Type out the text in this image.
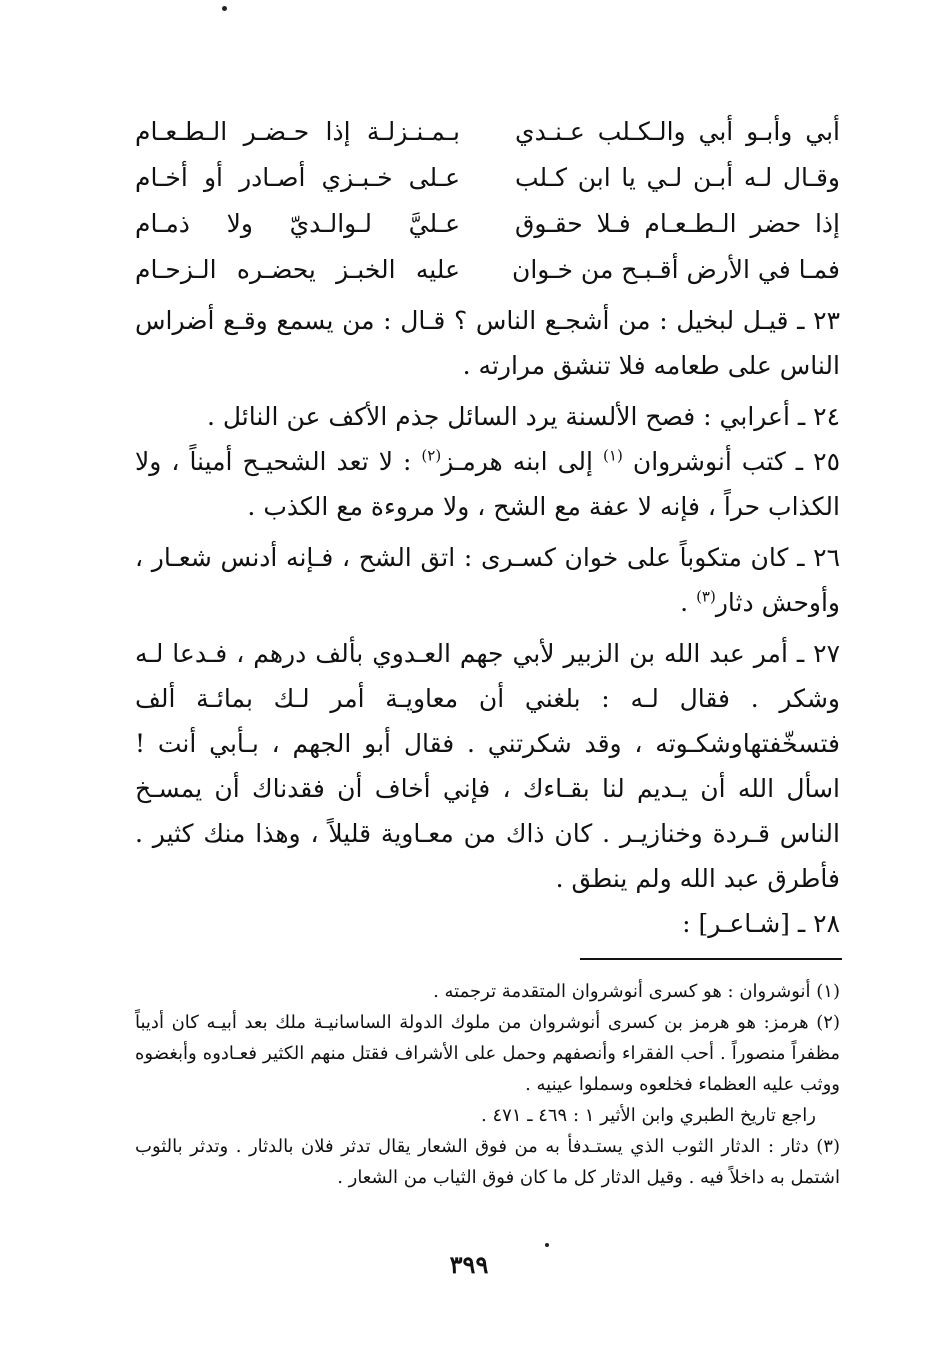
أبي وأبـو أبي والـكـلب عـنـدي
بـمـنـزلـة إذا حـضـر الـطـعـام
وقـال لـه أبـن لـي يا ابن كـلب
عـلى خـبـزي أصـادر أو أخـام
إذا حضر الـطـعـام فـلا حقـوق
عـليَّ لـوالـديّ ولا ذمـام
فمـا في الأرض أقـبـح من خـوان
عليه الخبـز يحضـره الـزحـام

٢٣ ـ قيـل لبخيل : من أشجـع الناس ؟ قـال : من يسمع وقـع أضراس الناس على طعامه فلا تنشق مرارته .

٢٤ ـ أعرابي : فصح الألسنة يرد السائل جذم الأكف عن النائل .

٢٥ ـ كتب أنوشروان $^{(١)}$ إلى ابنه هرمـز$^{(٢)}$ : لا تعد الشحيـح أميناً ، ولا الكذاب حراً ، فإنه لا عفة مع الشح ، ولا مروءة مع الكذب .

٢٦ ـ كان متكوباً على خوان كسـرى : اتق الشح ، فـإنه أدنس شعـار ، وأوحش دثار$^{(٣)}$ .

٢٧ ـ أمر عبد الله بن الزبير لأبي جهم العـدوي بألف درهم ، فـدعا لـه وشكر . فقال لـه : بلغني أن معاويـة أمر لـك بمائـة ألف فتسخّفتهاوشكـوته ، وقد شكرتني . فقال أبو الجهم ، بـأبي أنت ! اسأل الله أن يـديم لنا بقـاءك ، فإني أخاف أن فقدناك أن يمسـخ الناس قـردة وخنازيـر . كان ذاك من معـاوية قليلاً ، وهذا منك كثير . فأطرق عبد الله ولم ينطق .

٢٨ ـ [شـاعـر] :

(١) أنوشروان : هو كسرى أنوشروان المتقدمة ترجمته .
(٢) هرمز: هو هرمز بن كسرى أنوشروان من ملوك الدولة الساسانيـة ملك بعد أبيـه كان أديباً مظفراً منصوراً . أحب الفقراء وأنصفهم وحمل على الأشراف فقتل منهم الكثير فعـادوه وأبغضوه ووثب عليه العظماء فخلعوه وسملوا عينيه .
راجع تاريخ الطبري وابن الأثير ١ : ٤٦٩ ـ ٤٧١ .
(٣) دثار : الدثار الثوب الذي يستـدفأ به من فوق الشعار يقال تدثر فلان بالدثار . وتدثر بالثوب اشتمل به داخلاً فيه . وقيل الدثار كل ما كان فوق الثياب من الشعار .
٣٩٩
